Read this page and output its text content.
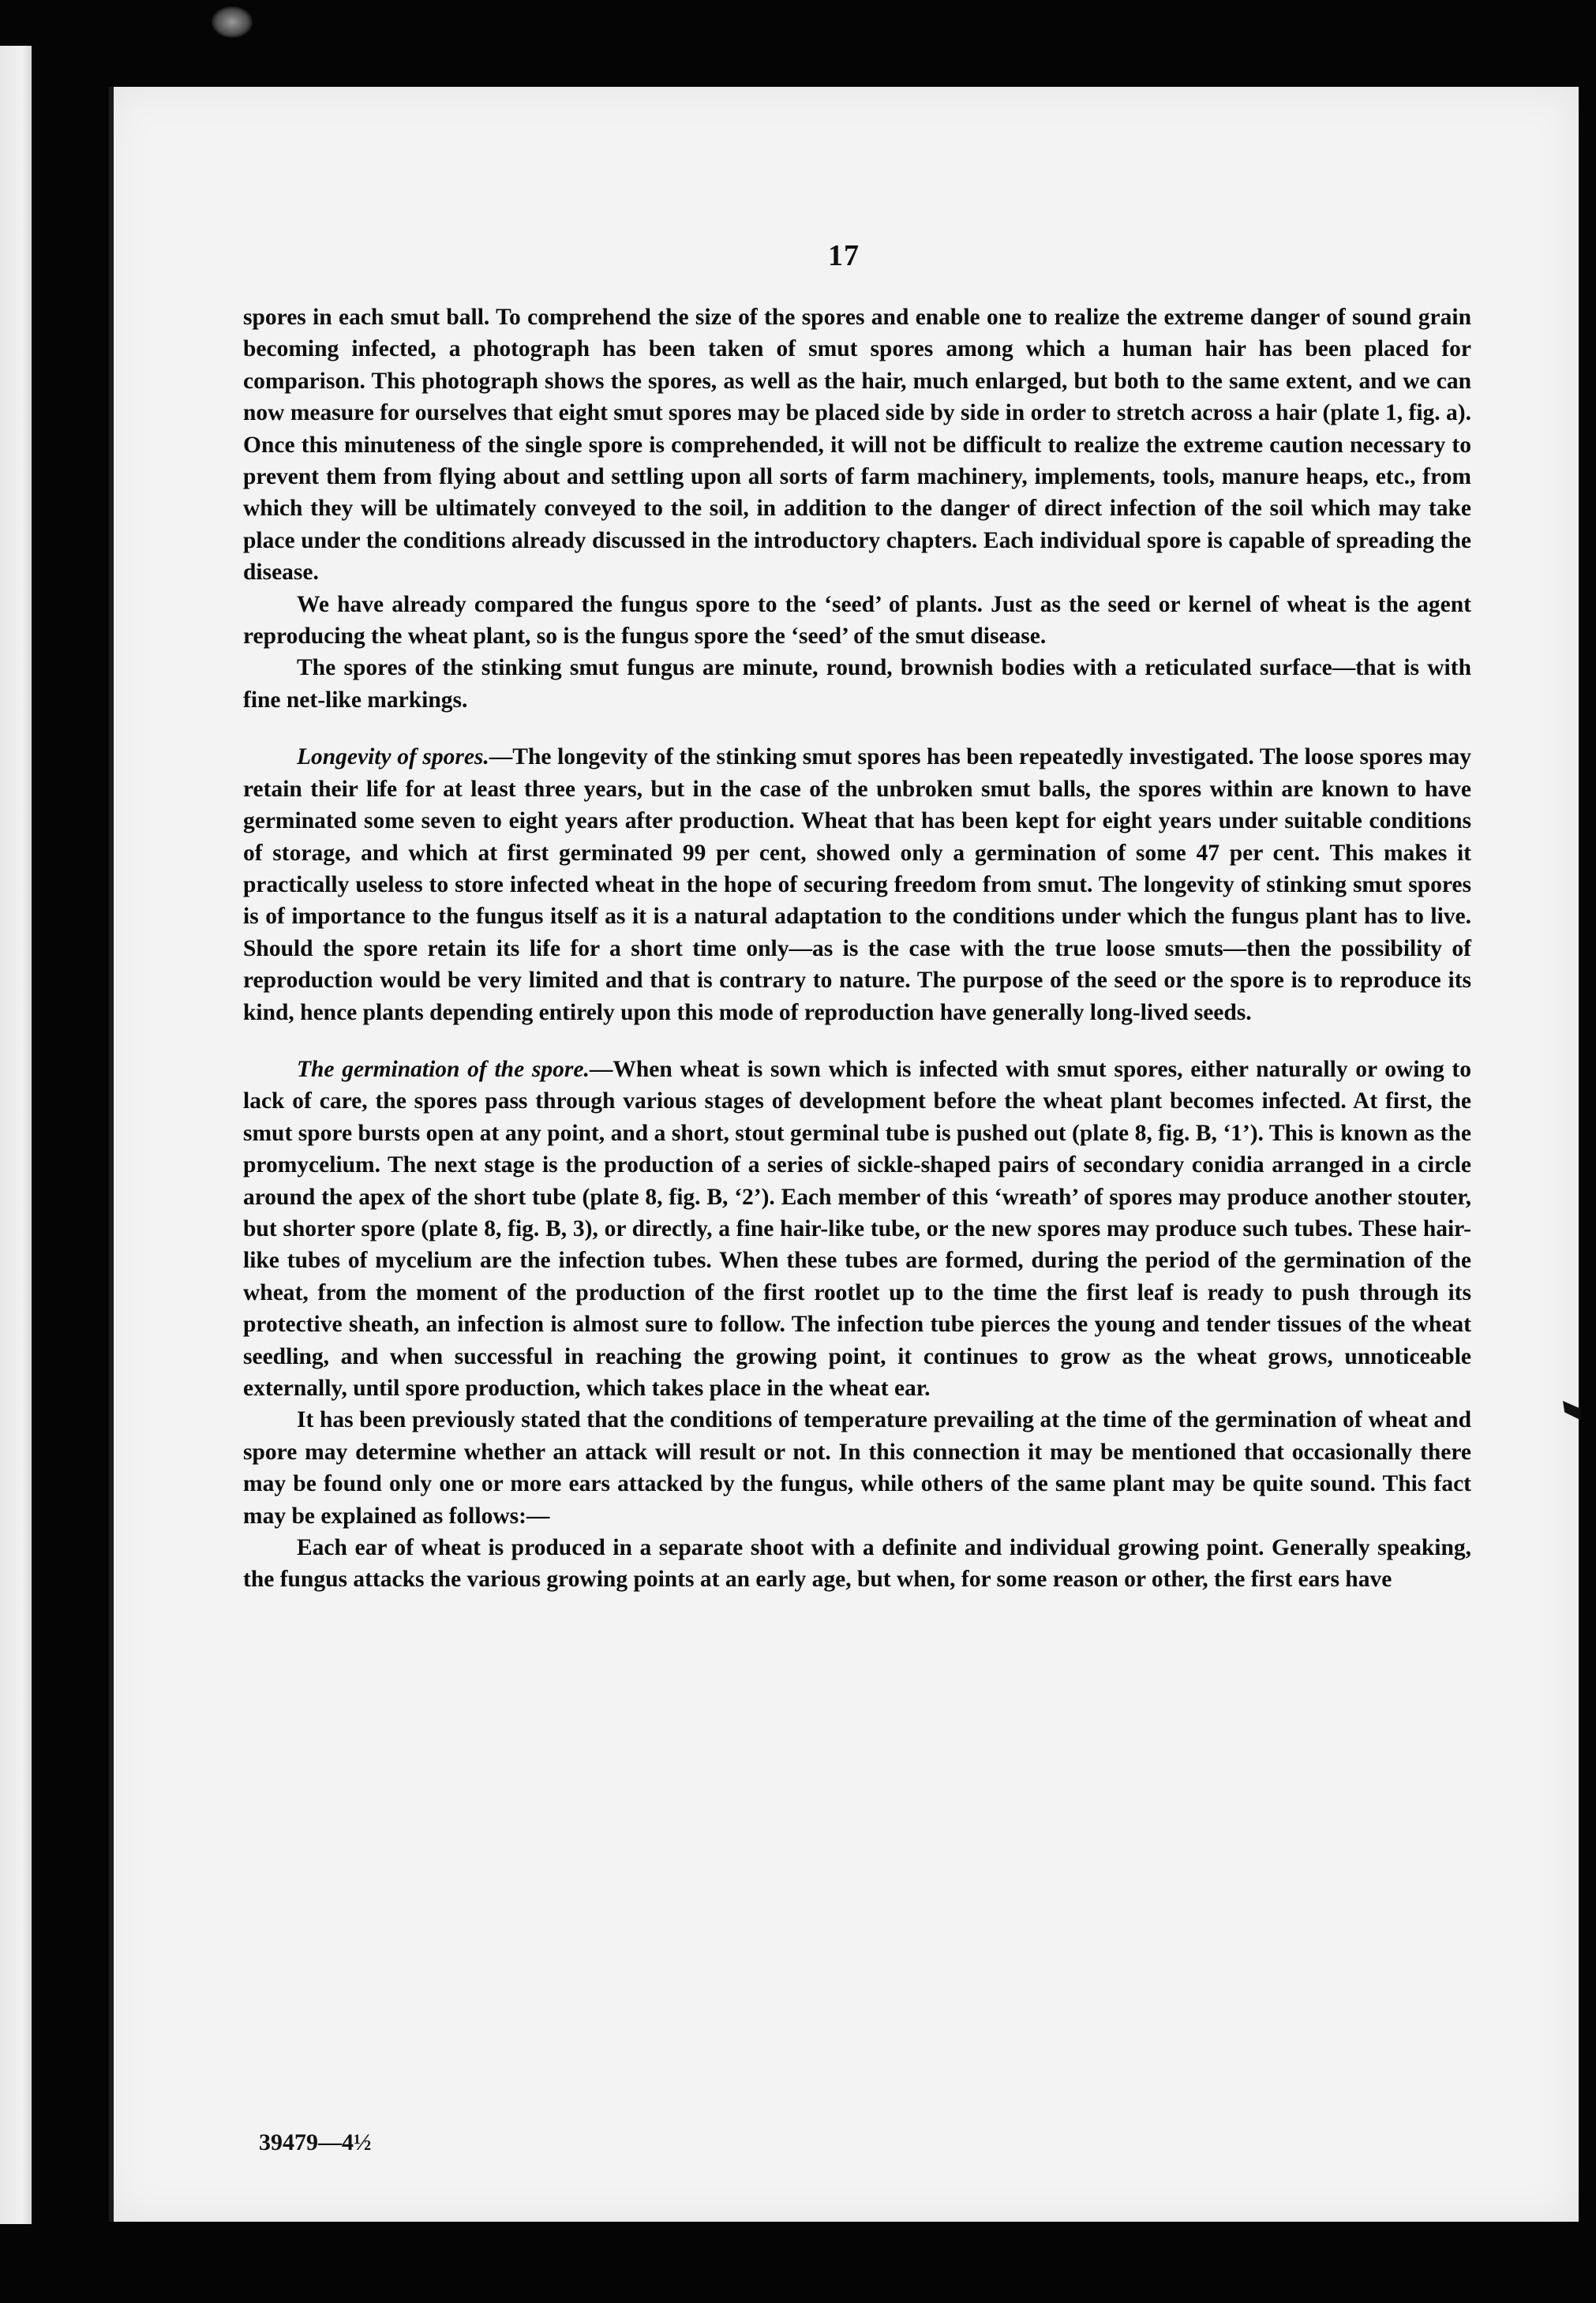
17

spores in each smut ball. To comprehend the size of the spores and enable one to realize the extreme danger of sound grain becoming infected, a photograph has been taken of smut spores among which a human hair has been placed for comparison. This photograph shows the spores, as well as the hair, much enlarged, but both to the same extent, and we can now measure for ourselves that eight smut spores may be placed side by side in order to stretch across a hair (plate 1, fig. a). Once this minuteness of the single spore is comprehended, it will not be difficult to realize the extreme caution necessary to prevent them from flying about and settling upon all sorts of farm machinery, implements, tools, manure heaps, etc., from which they will be ultimately conveyed to the soil, in addition to the danger of direct infection of the soil which may take place under the conditions already discussed in the introductory chapters. Each individual spore is capable of spreading the disease.

We have already compared the fungus spore to the ‘seed’ of plants. Just as the seed or kernel of wheat is the agent reproducing the wheat plant, so is the fungus spore the ‘seed’ of the smut disease.

The spores of the stinking smut fungus are minute, round, brownish bodies with a reticulated surface—that is with fine net-like markings.

Longevity of spores.—The longevity of the stinking smut spores has been repeatedly investigated. The loose spores may retain their life for at least three years, but in the case of the unbroken smut balls, the spores within are known to have germinated some seven to eight years after production. Wheat that has been kept for eight years under suitable conditions of storage, and which at first germinated 99 per cent, showed only a germination of some 47 per cent. This makes it practically useless to store infected wheat in the hope of securing freedom from smut. The longevity of stinking smut spores is of importance to the fungus itself as it is a natural adaptation to the conditions under which the fungus plant has to live. Should the spore retain its life for a short time only—as is the case with the true loose smuts—then the possibility of reproduction would be very limited and that is contrary to nature. The purpose of the seed or the spore is to reproduce its kind, hence plants depending entirely upon this mode of reproduction have generally long-lived seeds.

The germination of the spore.—When wheat is sown which is infected with smut spores, either naturally or owing to lack of care, the spores pass through various stages of development before the wheat plant becomes infected. At first, the smut spore bursts open at any point, and a short, stout germinal tube is pushed out (plate 8, fig. B, ‘1’). This is known as the promycelium. The next stage is the production of a series of sickle-shaped pairs of secondary conidia arranged in a circle around the apex of the short tube (plate 8, fig. B, ‘2’). Each member of this ‘wreath’ of spores may produce another stouter, but shorter spore (plate 8, fig. B, 3), or directly, a fine hair-like tube, or the new spores may produce such tubes. These hair-like tubes of mycelium are the infection tubes. When these tubes are formed, during the period of the germination of the wheat, from the moment of the production of the first rootlet up to the time the first leaf is ready to push through its protective sheath, an infection is almost sure to follow. The infection tube pierces the young and tender tissues of the wheat seedling, and when successful in reaching the growing point, it continues to grow as the wheat grows, unnoticeable externally, until spore production, which takes place in the wheat ear.

It has been previously stated that the conditions of temperature prevailing at the time of the germination of wheat and spore may determine whether an attack will result or not. In this connection it may be mentioned that occasionally there may be found only one or more ears attacked by the fungus, while others of the same plant may be quite sound. This fact may be explained as follows:—

Each ear of wheat is produced in a separate shoot with a definite and individual growing point. Generally speaking, the fungus attacks the various growing points at an early age, but when, for some reason or other, the first ears have

39479—4½
